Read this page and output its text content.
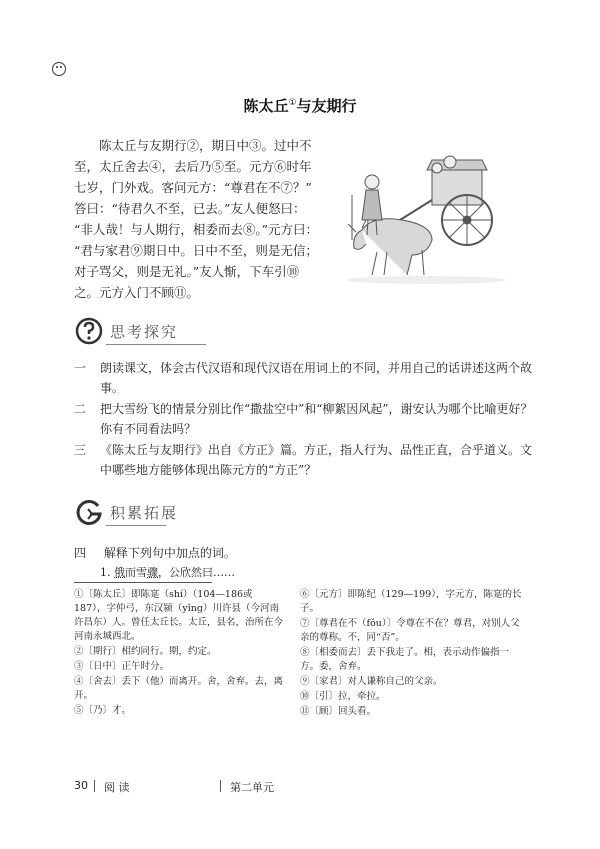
陈太丘①与友期行

　　陈太丘与友期行②，期日中③。过中不

至，太丘舍去④，去后乃⑤至。元方⑥时年

七岁，门外戏。客问元方：“尊君在不⑦？”

答曰：“待君久不至，已去。”友人便怒曰：

“非人哉！与人期行，相委而去⑧。”元方曰：

“君与家君⑨期日中。日中不至，则是无信；

对子骂父，则是无礼。”友人惭，下车引⑩

之。元方入门不顾⑪。

思考探究
一 朗读课文，体会古代汉语和现代汉语在用词上的不同，并用自己的话讲述这两个故事。
二 把大雪纷飞的情景分别比作“撒盐空中”和“柳絮因风起”，谢安认为哪个比喻更好？你有不同看法吗？
三 《陈太丘与友期行》出自《方正》篇。方正，指人行为、品性正直，合乎道义。文中哪些地方能够体现出陈元方的“方正”？
积累拓展
四 解释下列句中加点的词。
1. 俄而雪骤，公欣然曰……
①〔陈太丘〕即陈寔（shí）（104—186或187），字仲弓，东汉颍（yǐng）川许县（今河南许昌东）人。曾任太丘长。太丘，县名，治所在今河南永城西北。
②〔期行〕相约同行。期，约定。
③〔日中〕正午时分。
④〔舍去〕丢下（他）而离开。舍，舍弃。去，离开。
⑤〔乃〕才。
⑥〔元方〕即陈纪（129—199），字元方，陈寔的长子。
⑦〔尊君在不（fǒu）〕令尊在不在？尊君，对别人父亲的尊称。不，同“否”。
⑧〔相委而去〕丢下我走了。相，表示动作偏指一方。委，舍弃。
⑨〔家君〕对人谦称自己的父亲。
⑩〔引〕拉，牵拉。
⑪〔顾〕回头看。
30 阅 读	第二单元
